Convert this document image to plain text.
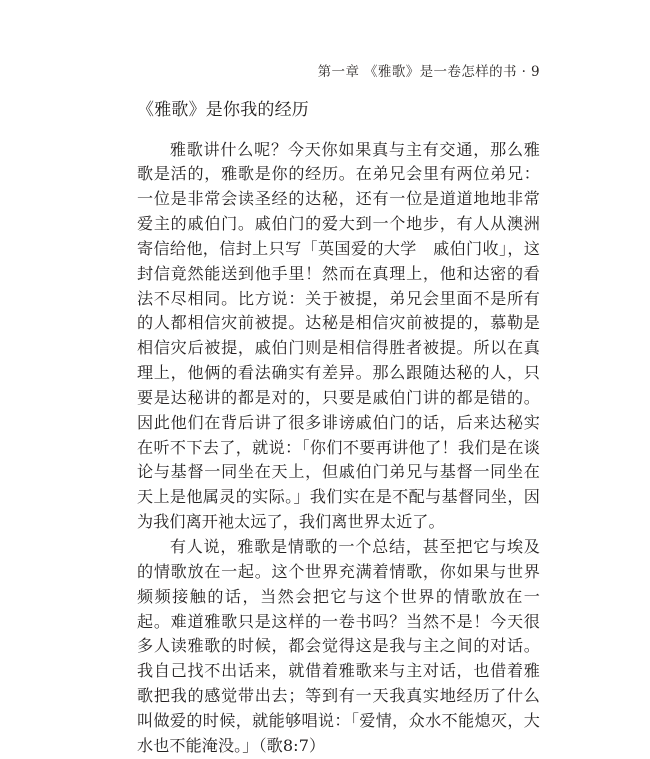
第一章 《雅歌》是一卷怎样的书 · 9
《雅歌》是你我的经历

雅歌讲什么呢？今天你如果真与主有交通，那么雅歌是活的，雅歌是你的经历。在弟兄会里有两位弟兄：一位是非常会读圣经的达秘，还有一位是道道地地非常爱主的戚伯门。戚伯门的爱大到一个地步，有人从澳洲寄信给他，信封上只写「英国爱的大学　戚伯门收」，这封信竟然能送到他手里！然而在真理上，他和达密的看法不尽相同。比方说：关于被提，弟兄会里面不是所有的人都相信灾前被提。达秘是相信灾前被提的，慕勒是相信灾后被提，戚伯门则是相信得胜者被提。所以在真理上，他俩的看法确实有差异。那么跟随达秘的人，只要是达秘讲的都是对的，只要是戚伯门讲的都是错的。因此他们在背后讲了很多诽谤戚伯门的话，后来达秘实在听不下去了，就说：「你们不要再讲他了！我们是在谈论与基督一同坐在天上，但戚伯门弟兄与基督一同坐在天上是他属灵的实际。」我们实在是不配与基督同坐，因为我们离开祂太远了，我们离世界太近了。

有人说，雅歌是情歌的一个总结，甚至把它与埃及的情歌放在一起。这个世界充满着情歌，你如果与世界频频接触的话，当然会把它与这个世界的情歌放在一起。难道雅歌只是这样的一卷书吗？当然不是！今天很多人读雅歌的时候，都会觉得这是我与主之间的对话。我自己找不出话来，就借着雅歌来与主对话，也借着雅歌把我的感觉带出去；等到有一天我真实地经历了什么叫做爱的时候，就能够唱说：「爱情，众水不能熄灭，大水也不能淹没。」（歌8:7）
